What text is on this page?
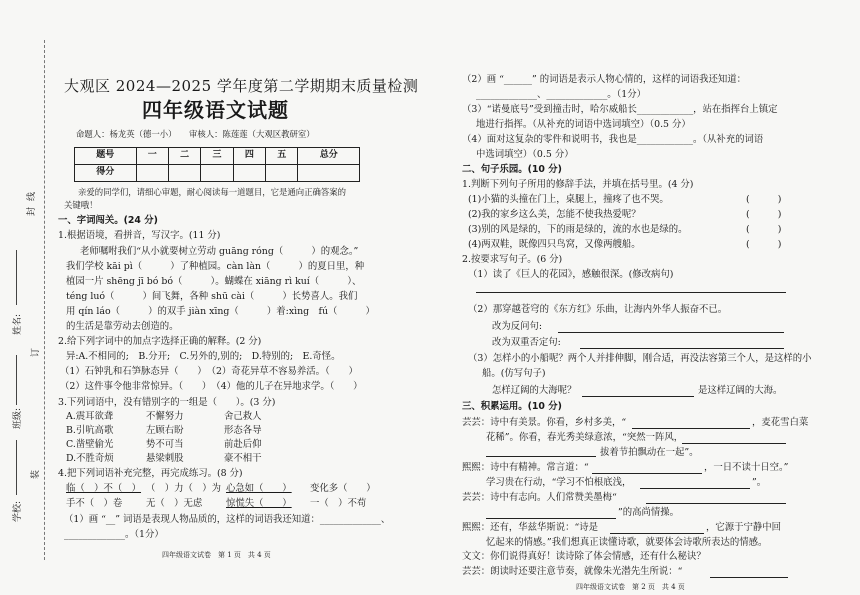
封
线
姓名:
订
班级:
装
学校:
大观区 2024—2025 学年度第二学期期末质量检测
四年级语文试题
命题人：杨龙英（德一小）　　审核人：陈莲莲（大观区教研室）
题号	一	二	三	四	五	总分
得分						
亲爱的同学们，请细心审题，耐心阅读每一道题目，它是通向正确答案的
关键哦！
一、字词闯关。(24 分)
1.根据语境，看拼音，写汉字。(11 分)
老师嘱咐我们“从小就要树立劳动 guāng róng（　　　）的观念。”
我们学校 kāi pì（　　　）了种植园。càn làn（　　　）的夏日里，种
植园一片 shēng jī bó bó（　　　）。蝴蝶在 xiāng rì kuí（　　　）、
téng luó（　　　）间飞舞，各种 shū cài（　　　）长势喜人。我们
用 qín láo（　　　）的双手 jiàn xīng（　　　）着:xìng　fú（　　　）
的生活是靠劳动去创造的。
2.给下列字词中的加点字选择正确的解释。(2 分)
异:A.不相同的;　B.分开;　C.另外的,别的;　D.特别的;　E.奇怪。
（1）石钟乳和石笋脉态异（　　）　（2）奇花异草不容易养活。（　　）
（2）这件事令他非常惊异。（　　）　（4）他的儿子在异地求学。（　　）
3.下列词语中，没有错别字的一组是（　　）。(3 分)
A.震耳欲聋	不懈努力	舍己救人
B.引吭高歌	左顾右盼	形态各导
C.凿壁偷光	势不可当	前赴后仰
D.不胜奇烦	悬梁刺股	豪不相干
4.把下列词语补充完整，再完成练习。(8 分)
临（　）不（　） （　）力（　）为 心急如（　　） 变化多（　　）
手不（　）卷	无（　）无虑	惊慌失（　　） 一（　）不苟
（1）画 “__” 词语是表现人物品质的，这样的词语我还知道：_____________、
_____________。（1分）
四年级语文试卷　第 1 页　共 4 页
（2）画 “______” 的词语是表示人物心情的，这样的词语我还知道：
_____________、_____________。（1分）
（3）“诺曼底号”受到撞击时，哈尔威船长____________，站在指挥台上镇定
地进行指挥。（从补充的词语中选词填空）（0.5 分）
（4）面对这复杂的零件和说明书，我也是____________。（从补充的词语
中选词填空）（0.5 分）
二、句子乐园。(10 分)
1.判断下列句子所用的修辞手法，并填在括号里。(4 分)
(1)小猫的头撞在门上，桌腿上，撞疼了也不哭。	(　　　)
(2)我的家乡这么美，怎能不使我热爱呢？	(　　　)
(3)别的风是绿的，下的雨是绿的，流的水也是绿的。	(　　　)
(4)两双鞋，既像四只鸟窝，又像两艘船。	(　　　)
2.按要求写句子。(6 分)
（1）读了《巨人的花园》，感触很深。(修改病句)
（2）那穿越苍穹的《东方红》乐曲，让海内外华人振奋不已。
改为反问句:
改为双重否定句:
（3）怎样小的小船呢？两个人并排伸脚，刚合适，再没法容第三个人，是这样的小
船。(仿写句子)
怎样辽阔的大海呢？	是这样辽阔的大海。
三、积累运用。(10 分)
芸芸：诗中有美景。你看，乡村多美，“	，麦花雪白菜
花稀”。你看，春光秀美绿意浓，“突然一阵风，
拔着节拍飘动在一起”。
熙熙：诗中有精神。常言道：“	，一日不读十日空。”
学习贵在行动，“学习不怕根底浅，	”。
芸芸：诗中有志向。人们常赞美墨梅“
”的高尚情操。
熙熙：还有，华兹华斯说：“诗是	，它源于宁静中回
忆起来的情感。”我们想真正读懂诗歌，就要体会诗歌所表达的情感。
文文：你们说得真好！读诗除了体会情感，还有什么秘诀？
芸芸：朗读时还要注意节奏，就像朱光潜先生所说：“
四年级语文试卷　第 2 页　共 4 页
